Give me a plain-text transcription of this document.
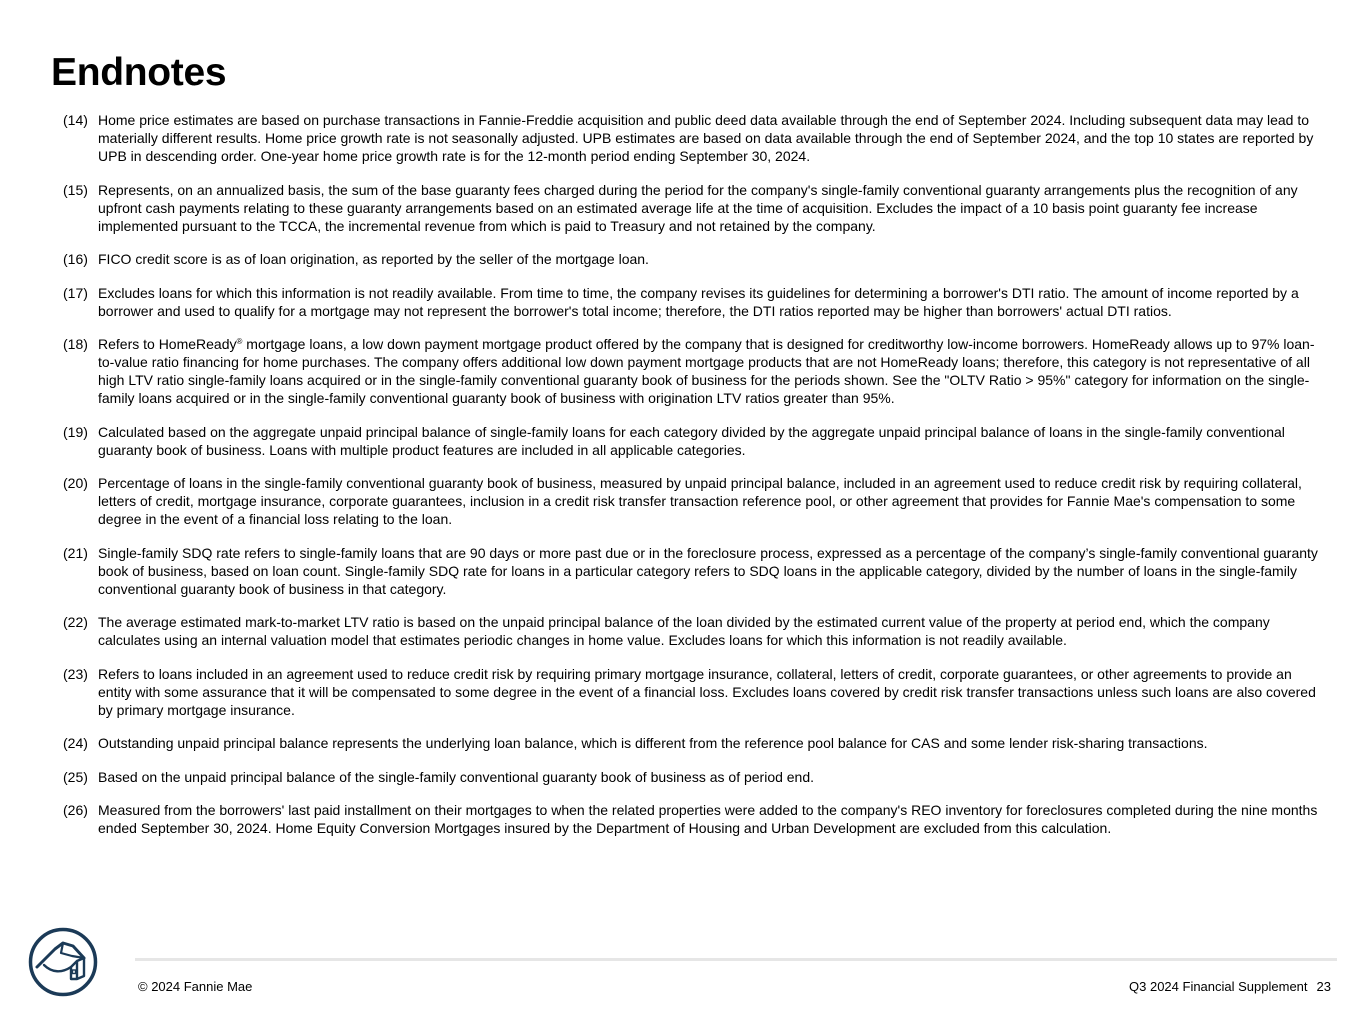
Endnotes
(14) Home price estimates are based on purchase transactions in Fannie-Freddie acquisition and public deed data available through the end of September 2024. Including subsequent data may lead to materially different results. Home price growth rate is not seasonally adjusted. UPB estimates are based on data available through the end of September 2024, and the top 10 states are reported by UPB in descending order. One-year home price growth rate is for the 12-month period ending September 30, 2024.
(15) Represents, on an annualized basis, the sum of the base guaranty fees charged during the period for the company's single-family conventional guaranty arrangements plus the recognition of any upfront cash payments relating to these guaranty arrangements based on an estimated average life at the time of acquisition. Excludes the impact of a 10 basis point guaranty fee increase implemented pursuant to the TCCA, the incremental revenue from which is paid to Treasury and not retained by the company.
(16) FICO credit score is as of loan origination, as reported by the seller of the mortgage loan.
(17) Excludes loans for which this information is not readily available. From time to time, the company revises its guidelines for determining a borrower's DTI ratio. The amount of income reported by a borrower and used to qualify for a mortgage may not represent the borrower's total income; therefore, the DTI ratios reported may be higher than borrowers' actual DTI ratios.
(18) Refers to HomeReady® mortgage loans, a low down payment mortgage product offered by the company that is designed for creditworthy low-income borrowers. HomeReady allows up to 97% loan-to-value ratio financing for home purchases. The company offers additional low down payment mortgage products that are not HomeReady loans; therefore, this category is not representative of all high LTV ratio single-family loans acquired or in the single-family conventional guaranty book of business for the periods shown. See the "OLTV Ratio > 95%" category for information on the single-family loans acquired or in the single-family conventional guaranty book of business with origination LTV ratios greater than 95%.
(19) Calculated based on the aggregate unpaid principal balance of single-family loans for each category divided by the aggregate unpaid principal balance of loans in the single-family conventional guaranty book of business. Loans with multiple product features are included in all applicable categories.
(20) Percentage of loans in the single-family conventional guaranty book of business, measured by unpaid principal balance, included in an agreement used to reduce credit risk by requiring collateral, letters of credit, mortgage insurance, corporate guarantees, inclusion in a credit risk transfer transaction reference pool, or other agreement that provides for Fannie Mae's compensation to some degree in the event of a financial loss relating to the loan.
(21) Single-family SDQ rate refers to single-family loans that are 90 days or more past due or in the foreclosure process, expressed as a percentage of the company’s single-family conventional guaranty book of business, based on loan count. Single-family SDQ rate for loans in a particular category refers to SDQ loans in the applicable category, divided by the number of loans in the single-family conventional guaranty book of business in that category.
(22) The average estimated mark-to-market LTV ratio is based on the unpaid principal balance of the loan divided by the estimated current value of the property at period end, which the company calculates using an internal valuation model that estimates periodic changes in home value. Excludes loans for which this information is not readily available.
(23) Refers to loans included in an agreement used to reduce credit risk by requiring primary mortgage insurance, collateral, letters of credit, corporate guarantees, or other agreements to provide an entity with some assurance that it will be compensated to some degree in the event of a financial loss. Excludes loans covered by credit risk transfer transactions unless such loans are also covered by primary mortgage insurance.
(24) Outstanding unpaid principal balance represents the underlying loan balance, which is different from the reference pool balance for CAS and some lender risk-sharing transactions.
(25) Based on the unpaid principal balance of the single-family conventional guaranty book of business as of period end.
(26) Measured from the borrowers' last paid installment on their mortgages to when the related properties were added to the company's REO inventory for foreclosures completed during the nine months ended September 30, 2024. Home Equity Conversion Mortgages insured by the Department of Housing and Urban Development are excluded from this calculation.
© 2024 Fannie Mae	Q3 2024 Financial Supplement 23
